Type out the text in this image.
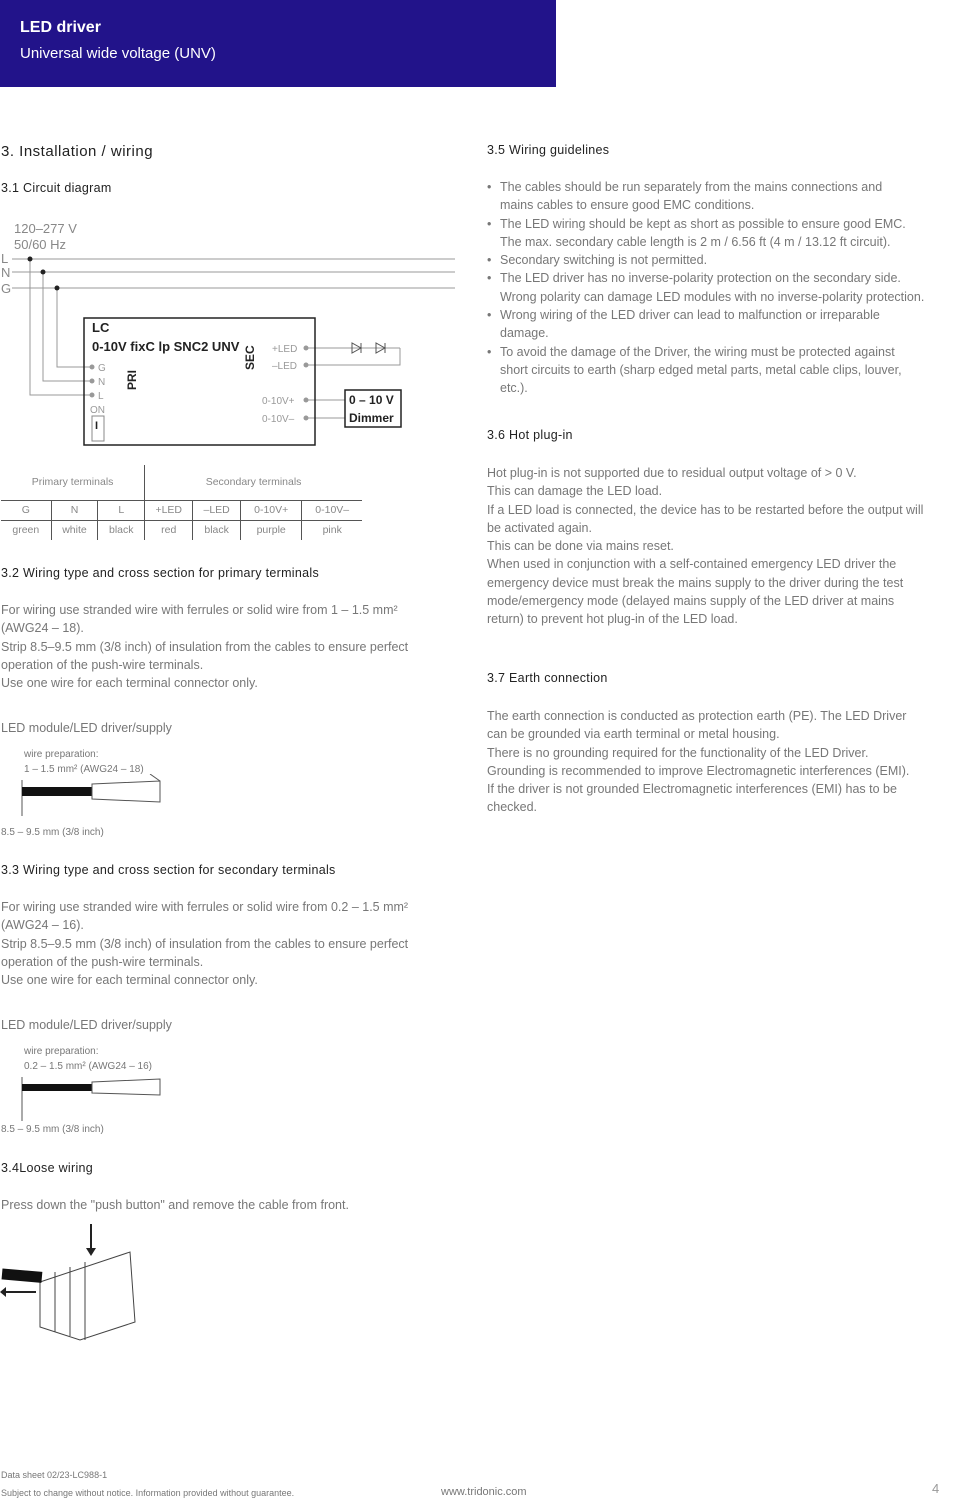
LED driver
Universal wide voltage (UNV)
3. Installation / wiring
3.1 Circuit diagram
120–277 V
50/60 Hz
L
N
G
LC
0-10V fixC lp SNC2 UNV
PRI
SEC
G
N
L
ON
+LED
–LED
0-10V+
0-10V–
I
0 – 10 V
Dimmer
Primary terminals			Secondary terminals			
G	N	L	+LED	–LED	0-10V+	0-10V–
green	white	black	red	black	purple	pink
3.2 Wiring type and cross section for primary terminals
For wiring use stranded wire with ferrules or solid wire from 1 – 1.5 mm²
(AWG24 – 18).
Strip 8.5–9.5 mm (3/8 inch) of insulation from the cables to ensure perfect
operation of the push-wire terminals.
Use one wire for each terminal connector only.
LED module/LED driver/supply
wire preparation:
1 – 1.5 mm² (AWG24 – 18)
8.5 – 9.5 mm (3/8 inch)
3.3 Wiring type and cross section for secondary terminals
For wiring use stranded wire with ferrules or solid wire from 0.2 – 1.5 mm²
(AWG24 – 16).
Strip 8.5–9.5 mm (3/8 inch) of insulation from the cables to ensure perfect
operation of the push-wire terminals.
Use one wire for each terminal connector only.
LED module/LED driver/supply
wire preparation:
0.2 – 1.5 mm² (AWG24 – 16)
8.5 – 9.5 mm (3/8 inch)
3.4Loose wiring
Press down the "push button" and remove the cable from front.
3.5 Wiring guidelines
• The cables should be run separately from the mains connections and
mains cables to ensure good EMC conditions.
• The LED wiring should be kept as short as possible to ensure good EMC.
The max. secondary cable length is 2 m / 6.56 ft (4 m / 13.12 ft circuit).
• Secondary switching is not permitted.
• The LED driver has no inverse-polarity protection on the secondary side.
Wrong polarity can damage LED modules with no inverse-polarity protection.
• Wrong wiring of the LED driver can lead to malfunction or irreparable
damage.
• To avoid the damage of the Driver, the wiring must be protected against
short circuits to earth (sharp edged metal parts, metal cable clips, louver,
etc.).
3.6 Hot plug-in
Hot plug-in is not supported due to residual output voltage of > 0 V.
This can damage the LED load.
If a LED load is connected, the device has to be restarted before the output will
be activated again.
This can be done via mains reset.
When used in conjunction with a self-contained emergency LED driver the
emergency device must break the mains supply to the driver during the test
mode/emergency mode (delayed mains supply of the LED driver at mains
return) to prevent hot plug-in of the LED load.
3.7 Earth connection
The earth connection is conducted as protection earth (PE). The LED Driver
can be grounded via earth terminal or metal housing.
There is no grounding required for the functionality of the LED Driver.
Grounding is recommended to improve Electromagnetic interferences (EMI).
If the driver is not grounded Electromagnetic interferences (EMI) has to be
checked.
Data sheet 02/23-LC988-1
Subject to change without notice. Information provided without guarantee.	www.tridonic.com	4
